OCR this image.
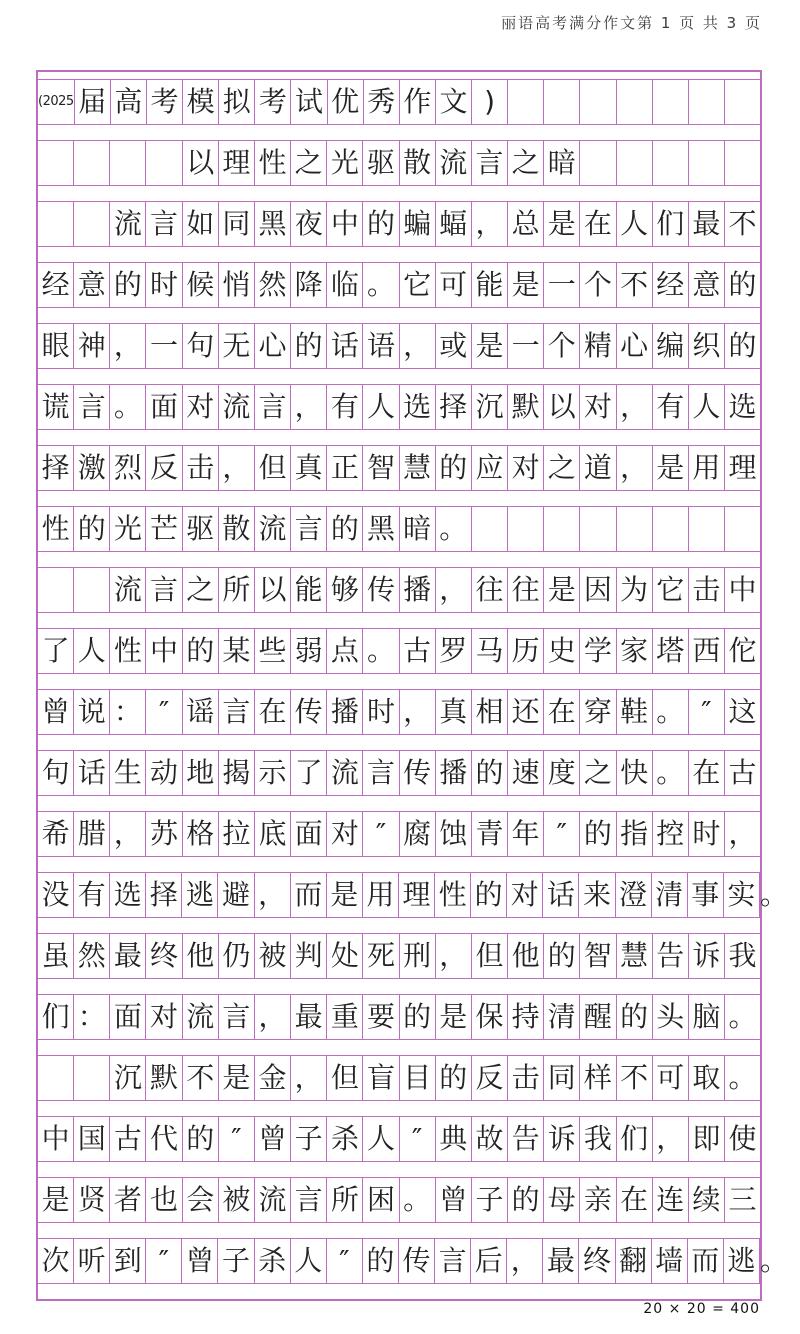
丽语高考满分作文第 1 页 共 3 页
(2025 届 高 考 模 拟 考 试 优 秀 作 文 )
以 理 性 之 光 驱 散 流 言 之 暗
流 言 如 同 黑 夜 中 的 蝙 蝠 ， 总 是 在 人 们 最 不
经 意 的 时 候 悄 然 降 临 。 它 可 能 是 一 个 不 经 意 的
眼 神 ， 一 句 无 心 的 话 语 ， 或 是 一 个 精 心 编 织 的
谎 言 。 面 对 流 言 ， 有 人 选 择 沉 默 以 对 ， 有 人 选
择 激 烈 反 击 ， 但 真 正 智 慧 的 应 对 之 道 ， 是 用 理
性 的 光 芒 驱 散 流 言 的 黑 暗 。
流 言 之 所 以 能 够 传 播 ， 往 往 是 因 为 它 击 中
了 人 性 中 的 某 些 弱 点 。 古 罗 马 历 史 学 家 塔 西 佗
曾 说 ： ″ 谣 言 在 传 播 时 ， 真 相 还 在 穿 鞋 。 ″ 这
句 话 生 动 地 揭 示 了 流 言 传 播 的 速 度 之 快 。 在 古
希 腊 ， 苏 格 拉 底 面 对 ″ 腐 蚀 青 年 ″ 的 指 控 时 ，
没 有 选 择 逃 避 ， 而 是 用 理 性 的 对 话 来 澄 清 事 实 。
虽 然 最 终 他 仍 被 判 处 死 刑 ， 但 他 的 智 慧 告 诉 我
们 ： 面 对 流 言 ， 最 重 要 的 是 保 持 清 醒 的 头 脑 。
沉 默 不 是 金 ， 但 盲 目 的 反 击 同 样 不 可 取 。
中 国 古 代 的 ″ 曾 子 杀 人 ″ 典 故 告 诉 我 们 ， 即 使
是 贤 者 也 会 被 流 言 所 困 。 曾 子 的 母 亲 在 连 续 三
次 听 到 ″ 曾 子 杀 人 ″ 的 传 言 后 ， 最 终 翻 墙 而 逃 。
20 × 20 = 400
